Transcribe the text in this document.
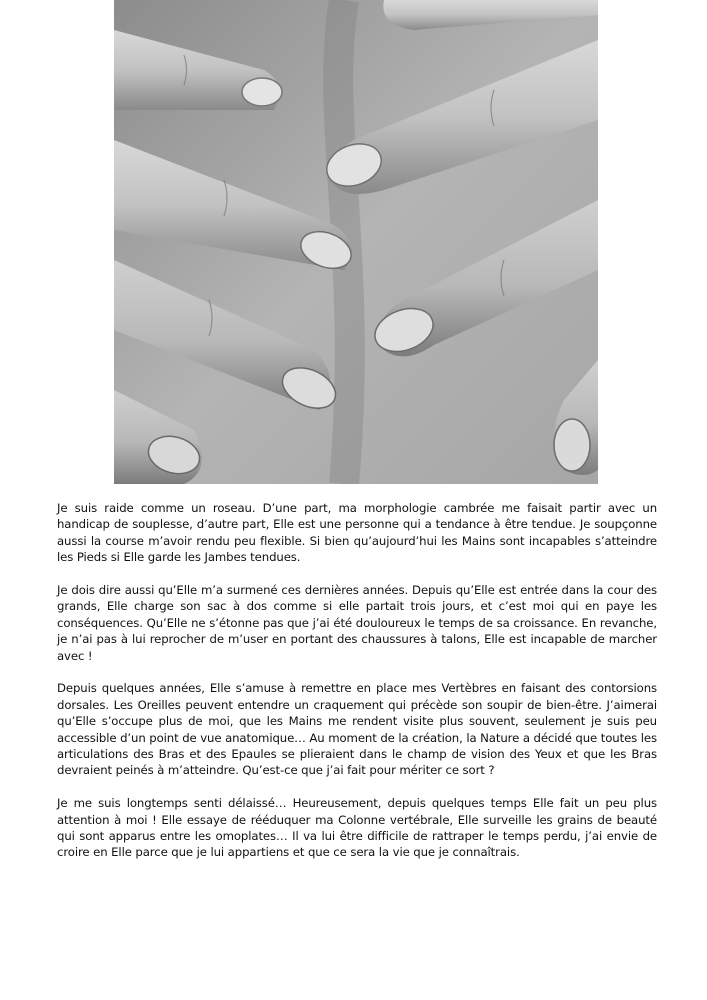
Je suis raide comme un roseau. D’une part, ma morphologie cambrée me faisait partir avec un handicap de souplesse, d’autre part, Elle est une personne qui a tendance à être tendue. Je soupçonne aussi la course m’avoir rendu peu flexible. Si bien qu’aujourd’hui les Mains sont incapables s’atteindre les Pieds si Elle garde les Jambes tendues.

Je dois dire aussi qu’Elle m’a surmené ces dernières années. Depuis qu’Elle est entrée dans la cour des grands, Elle charge son sac à dos comme si elle partait trois jours, et c’est moi qui en paye les conséquences. Qu’Elle ne s’étonne pas que j’ai été douloureux le temps de sa croissance. En revanche, je n’ai pas à lui reprocher de m’user en portant des chaussures à talons, Elle est incapable de marcher avec !

Depuis quelques années, Elle s’amuse à remettre en place mes Vertèbres en faisant des contorsions dorsales. Les Oreilles peuvent entendre un craquement qui précède son soupir de bien-être. J’aimerai qu’Elle s’occupe plus de moi, que les Mains me rendent visite plus souvent, seulement je suis peu accessible d’un point de vue anatomique… Au moment de la création, la Nature a décidé que toutes les articulations des Bras et des Epaules se plieraient dans le champ de vision des Yeux et que les Bras devraient peinés à m’atteindre. Qu’est-ce que j’ai fait pour mériter ce sort ?

Je me suis longtemps senti délaissé… Heureusement, depuis quelques temps Elle fait un peu plus attention à moi ! Elle essaye de rééduquer ma Colonne vertébrale, Elle surveille les grains de beauté qui sont apparus entre les omoplates… Il va lui être difficile de rattraper le temps perdu, j’ai envie de croire en Elle parce que je lui appartiens et que ce sera la vie que je connaîtrais.
